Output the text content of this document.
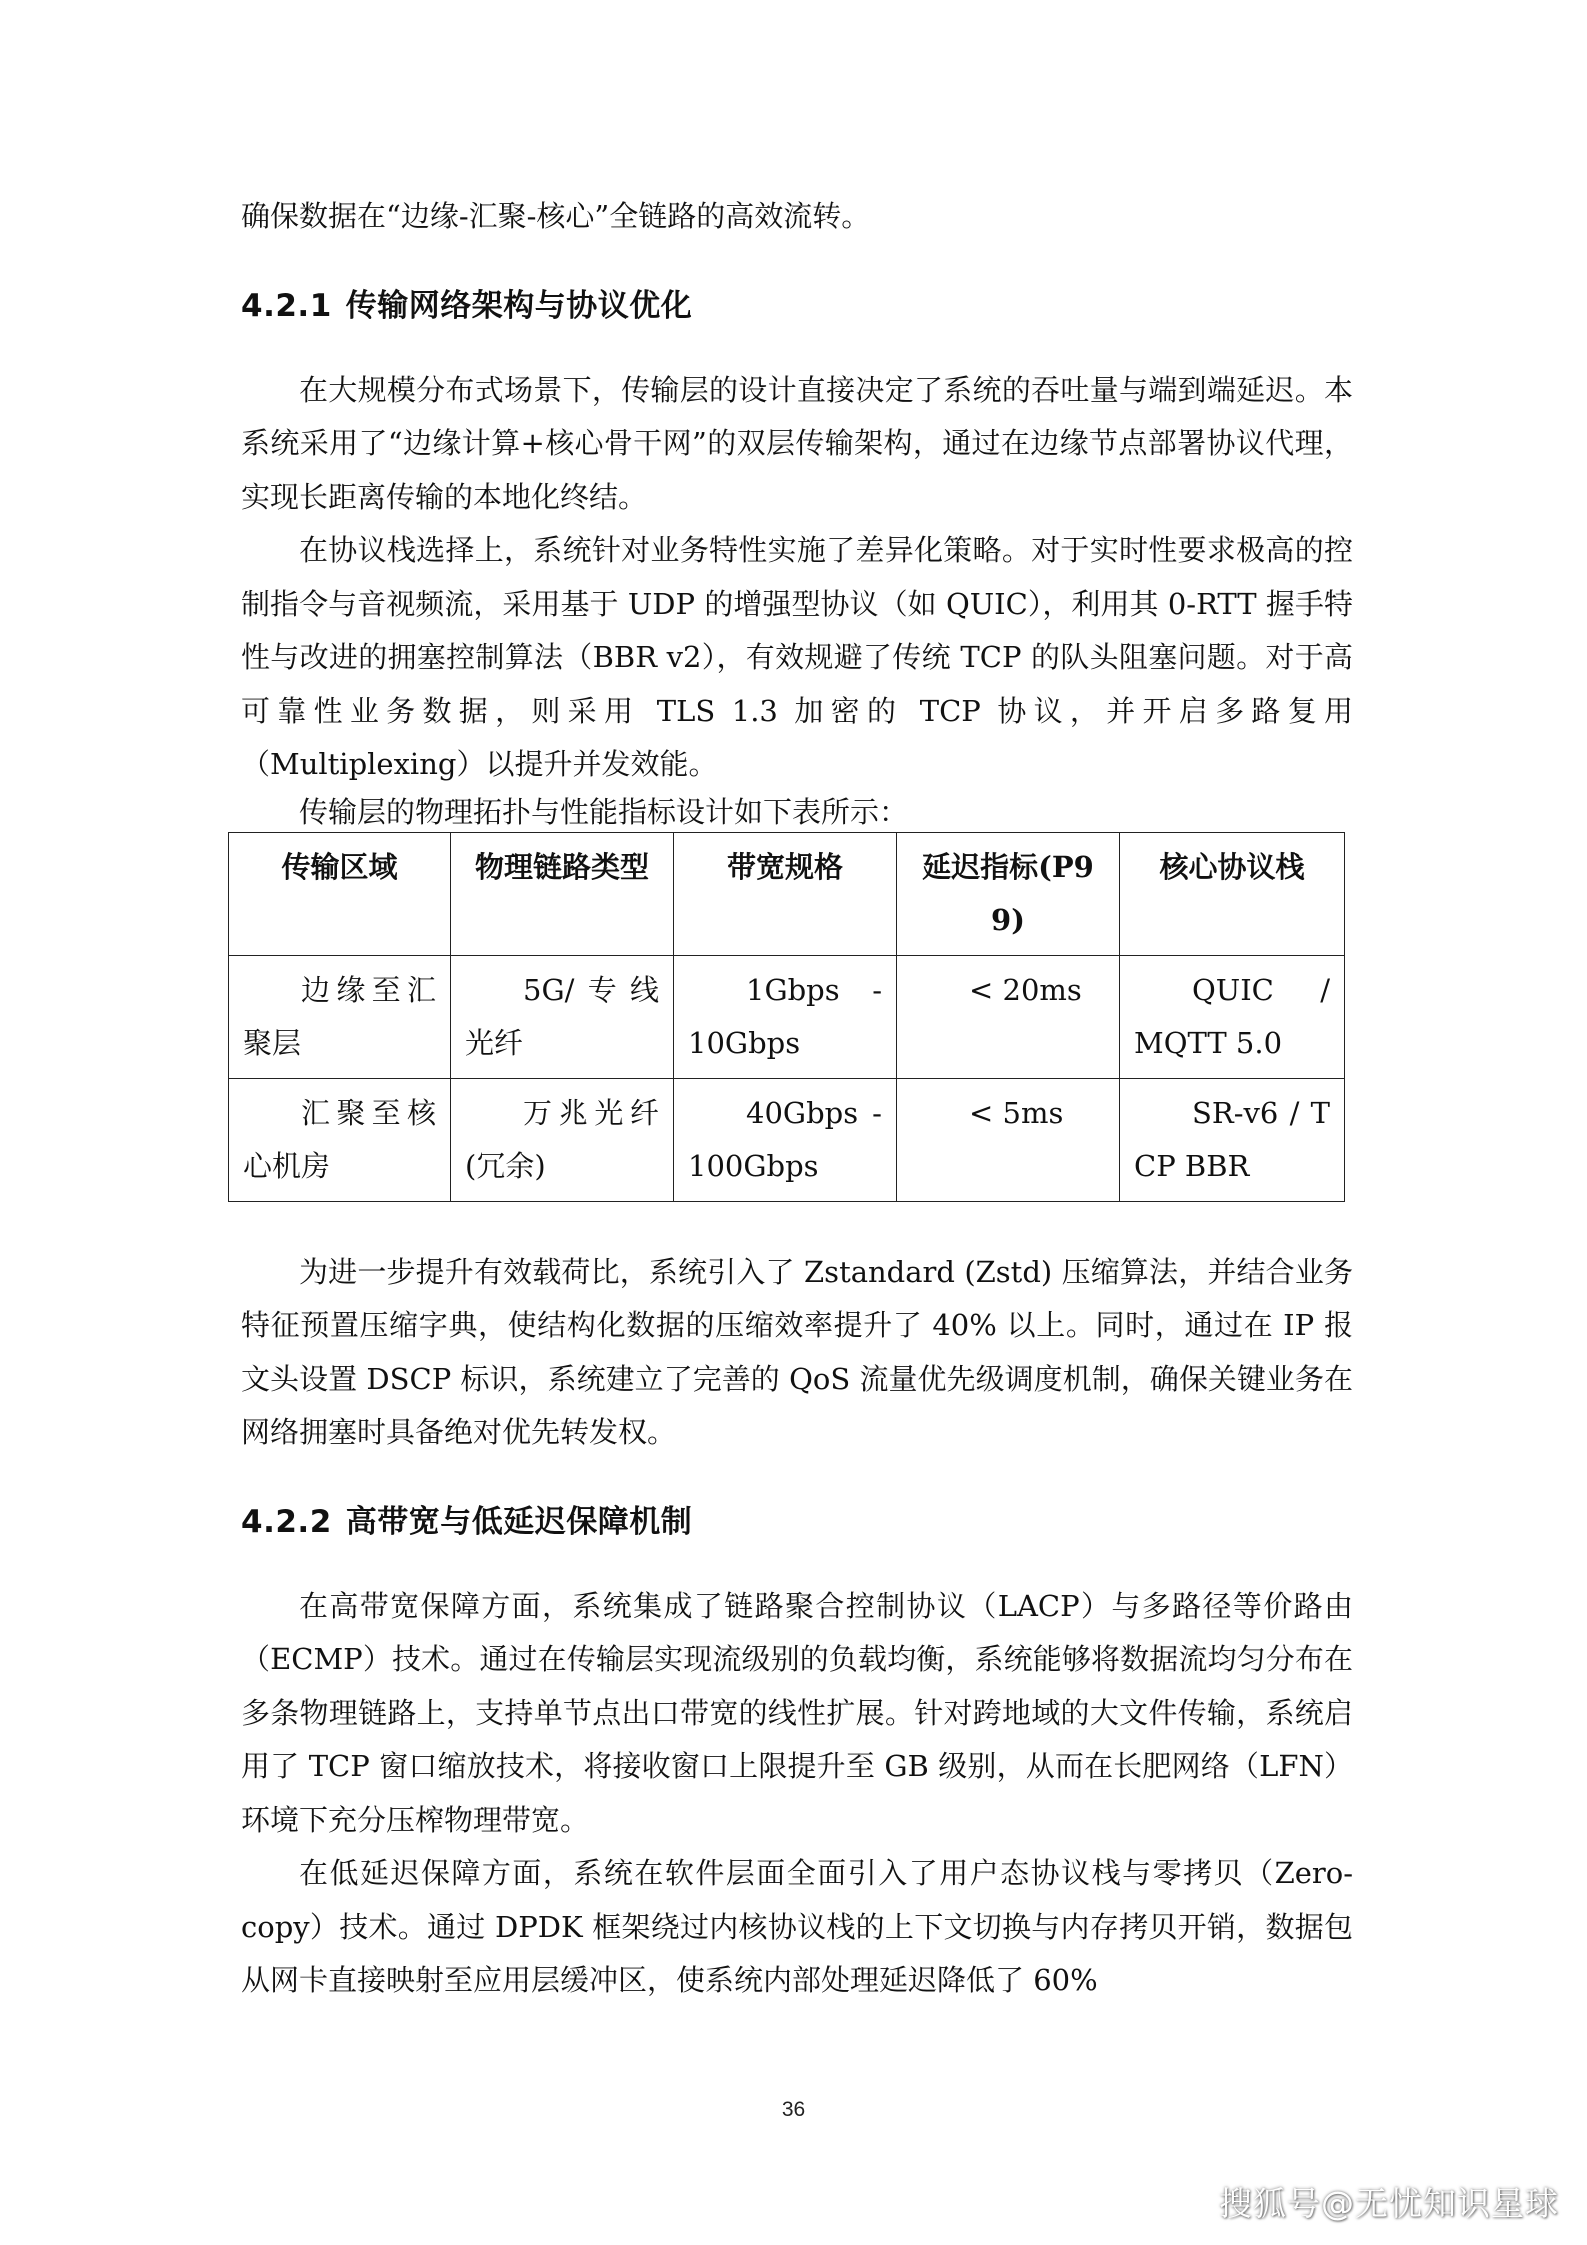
确保数据在“边缘-汇聚-核心”全链路的高效流转。

4.2.1 传输网络架构与协议优化

在大规模分布式场景下，传输层的设计直接决定了系统的吞吐量与端到端延迟。本系统采用了“边缘计算+核心骨干网”的双层传输架构，通过在边缘节点部署协议代理，实现长距离传输的本地化终结。

在协议栈选择上，系统针对业务特性实施了差异化策略。对于实时性要求极高的控制指令与音视频流，采用基于 UDP 的增强型协议（如 QUIC），利用其 0-RTT 握手特性与改进的拥塞控制算法（BBR v2），有效规避了传统 TCP 的队头阻塞问题。对于高可靠性业务数据，则采用 TLS 1.3 加密的 TCP 协议，并开启多路复用（Multiplexing）以提升并发效能。

传输层的物理拓扑与性能指标设计如下表所示：

传输区域	物理链路类型	带宽规格	延迟指标(P99)	核心协议栈
边缘至汇聚层	5G/专线光纤	1Gbps - 10Gbps	< 20ms	QUIC / MQTT 5.0
汇聚至核心机房	万兆光纤(冗余)	40Gbps - 100Gbps	< 5ms	SR-v6 / TCP BBR

为进一步提升有效载荷比，系统引入了 Zstandard (Zstd) 压缩算法，并结合业务特征预置压缩字典，使结构化数据的压缩效率提升了 40% 以上。同时，通过在 IP 报文头设置 DSCP 标识，系统建立了完善的 QoS 流量优先级调度机制，确保关键业务在网络拥塞时具备绝对优先转发权。

4.2.2 高带宽与低延迟保障机制

在高带宽保障方面，系统集成了链路聚合控制协议（LACP）与多路径等价路由（ECMP）技术。通过在传输层实现流级别的负载均衡，系统能够将数据流均匀分布在多条物理链路上，支持单节点出口带宽的线性扩展。针对跨地域的大文件传输，系统启用了 TCP 窗口缩放技术，将接收窗口上限提升至 GB 级别，从而在长肥网络（LFN）环境下充分压榨物理带宽。

在低延迟保障方面，系统在软件层面全面引入了用户态协议栈与零拷贝（Zero-copy）技术。通过 DPDK 框架绕过内核协议栈的上下文切换与内存拷贝开销，数据包从网卡直接映射至应用层缓冲区，使系统内部处理延迟降低了 60%

36
搜狐号@无忧知识星球
